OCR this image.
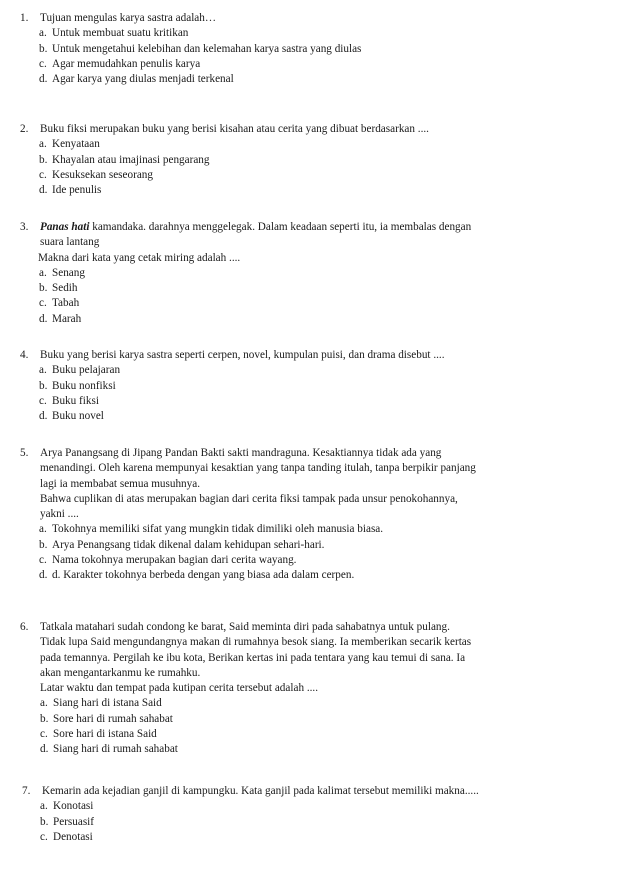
1. Tujuan mengulas karya sastra adalah…
a. Untuk membuat suatu kritikan
b. Untuk mengetahui kelebihan dan kelemahan karya sastra yang diulas
c. Agar memudahkan penulis karya
d. Agar karya yang diulas menjadi terkenal
2. Buku fiksi merupakan buku yang berisi kisahan atau cerita yang dibuat berdasarkan ....
a. Kenyataan
b. Khayalan atau imajinasi pengarang
c. Kesuksekan seseorang
d. Ide penulis
3. Panas hati kamandaka. darahnya menggelegak. Dalam keadaan seperti itu, ia membalas dengan
suara lantang
Makna dari kata yang cetak miring adalah ....
a. Senang
b. Sedih
c. Tabah
d. Marah
4. Buku yang berisi karya sastra seperti cerpen, novel, kumpulan puisi, dan drama disebut ....
a. Buku pelajaran
b. Buku nonfiksi
c. Buku fiksi
d. Buku novel
5. Arya Panangsang di Jipang Pandan Bakti sakti mandraguna. Kesaktiannya tidak ada yang
menandingi. Oleh karena mempunyai kesaktian yang tanpa tanding itulah, tanpa berpikir panjang
lagi ia membabat semua musuhnya.
Bahwa cuplikan di atas merupakan bagian dari cerita fiksi tampak pada unsur penokohannya,
yakni ....
a. Tokohnya memiliki sifat yang mungkin tidak dimiliki oleh manusia biasa.
b. Arya Penangsang tidak dikenal dalam kehidupan sehari-hari.
c. Nama tokohnya merupakan bagian dari cerita wayang.
d. d. Karakter tokohnya berbeda dengan yang biasa ada dalam cerpen.
6. Tatkala matahari sudah condong ke barat, Said meminta diri pada sahabatnya untuk pulang.
Tidak lupa Said mengundangnya makan di rumahnya besok siang. Ia memberikan secarik kertas
pada temannya. Pergilah ke ibu kota, Berikan kertas ini pada tentara yang kau temui di sana. Ia
akan mengantarkanmu ke rumahku.
Latar waktu dan tempat pada kutipan cerita tersebut adalah ....
a. Siang hari di istana Said
b. Sore hari di rumah sahabat
c. Sore hari di istana Said
d. Siang hari di rumah sahabat
7. Kemarin ada kejadian ganjil di kampungku. Kata ganjil pada kalimat tersebut memiliki makna.....
a. Konotasi
b. Persuasif
c. Denotasi
